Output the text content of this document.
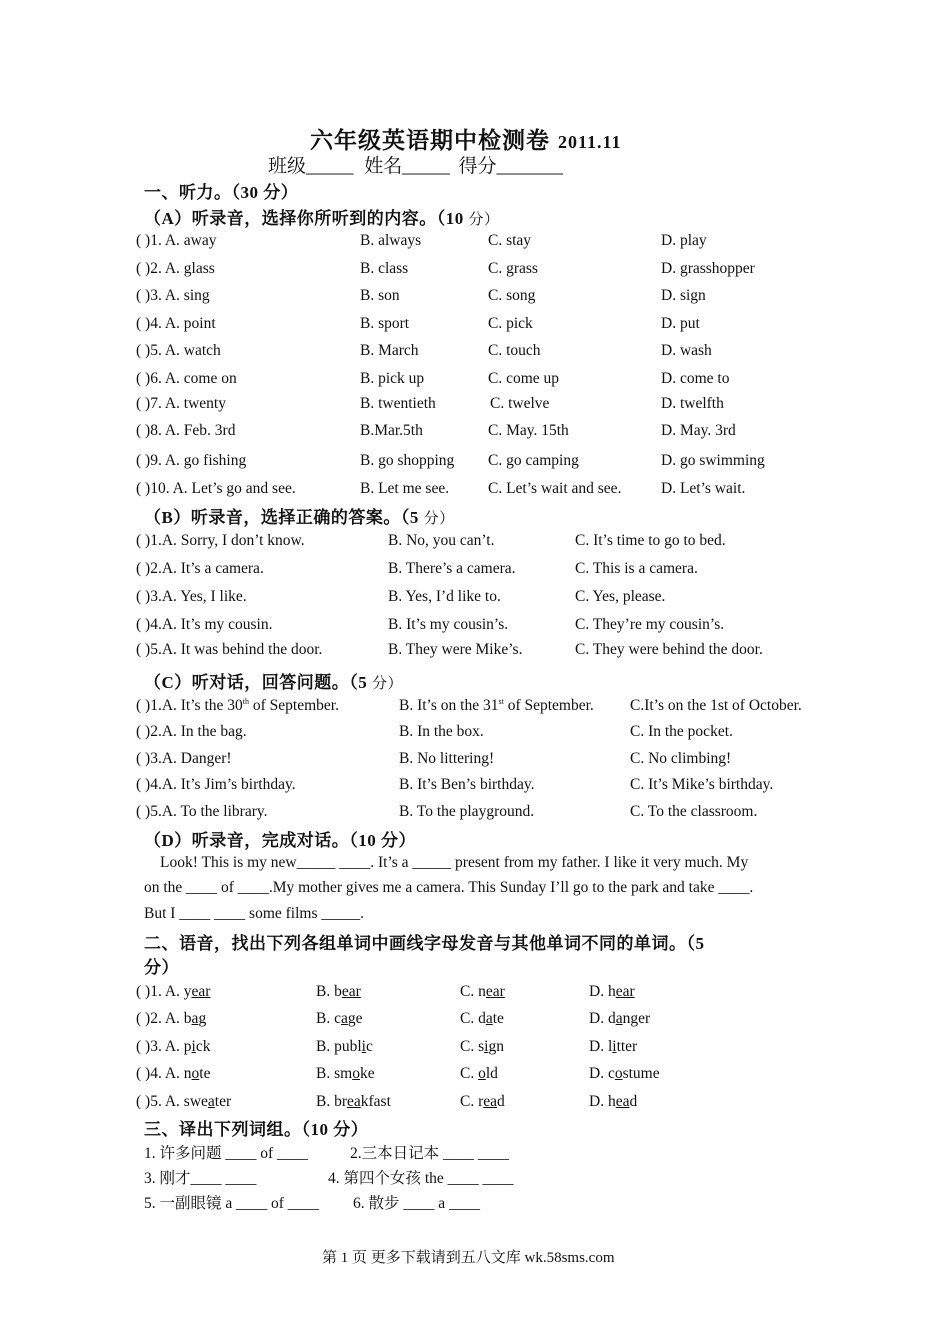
六年级英语期中检测卷 2011.11
班级_____ 姓名_____ 得分_______
一、听力。（30 分）
（A）听录音，选择你所听到的内容。（10 分）
( )1. A. away	B. always	C. stay	D. play
( )2. A. glass	B. class	C. grass	D. grasshopper
( )3. A. sing	B. son	C. song	D. sign
( )4. A. point	B. sport	C. pick	D. put
( )5. A. watch	B. March	C. touch	D. wash
( )6. A. come on	B. pick up	C. come up	D. come to
( )7. A. twenty	B. twentieth	C. twelve	D. twelfth
( )8. A. Feb. 3rd	B.Mar.5th	C. May. 15th	D. May. 3rd
( )9. A. go fishing	B. go shopping C. go camping	D. go swimming
( )10. A. Let’s go and see.	B. Let me see.	C. Let’s wait and see.	D. Let’s wait.
（B）听录音，选择正确的答案。（5 分）
( )1.A. Sorry, I don’t know.	B. No, you can’t.	C. It’s time to go to bed.
( )2.A. It’s a camera.	B. There’s a camera.	C. This is a camera.
( )3.A. Yes, I like.	B. Yes, I’d like to.	C. Yes, please.
( )4.A. It’s my cousin.	B. It’s my cousin’s.	C. They’re my cousin’s.
( )5.A. It was behind the door.	B. They were Mike’s.	C. They were behind the door.
（C）听对话，回答问题。（5 分）
( )1.A. It’s the 30th of September.	B. It’s on the 31st of September. C.It’s on the 1st of October.
( )2.A. In the bag.	B. In the box.	C. In the pocket.
( )3.A. Danger!	B. No littering!	C. No climbing!
( )4.A. It’s Jim’s birthday.	B. It’s Ben’s birthday.	C. It’s Mike’s birthday.
( )5.A. To the library.	B. To the playground.	C. To the classroom.
（D）听录音，完成对话。（10 分）
Look! This is my new_____ ____. It’s a _____ present from my father. I like it very much. My
on the ____ of ____.My mother gives me a camera. This Sunday I’ll go to the park and take ____.
But I ____ ____ some films _____.
二、语音，找出下列各组单词中画线字母发音与其他单词不同的单词。（5
分）
( )1. A. year	B. bear	C. near	D. hear
( )2. A. bag	B. cage	C. date	D. danger
( )3. A. pick	B. public	C. sign	D. litter
( )4. A. note	B. smoke	C. old	D. costume
( )5. A. sweater	B. breakfast	C. read	D. head
三、译出下列词组。（10 分）
1. 许多问题 ____ of ____	2.三本日记本 ____ ____
3. 刚才____ ____	4. 第四个女孩 the ____ ____
5. 一副眼镜 a ____ of ____ 6. 散步 ____ a ____
第 1 页 更多下载请到五八文库 wk.58sms.com
